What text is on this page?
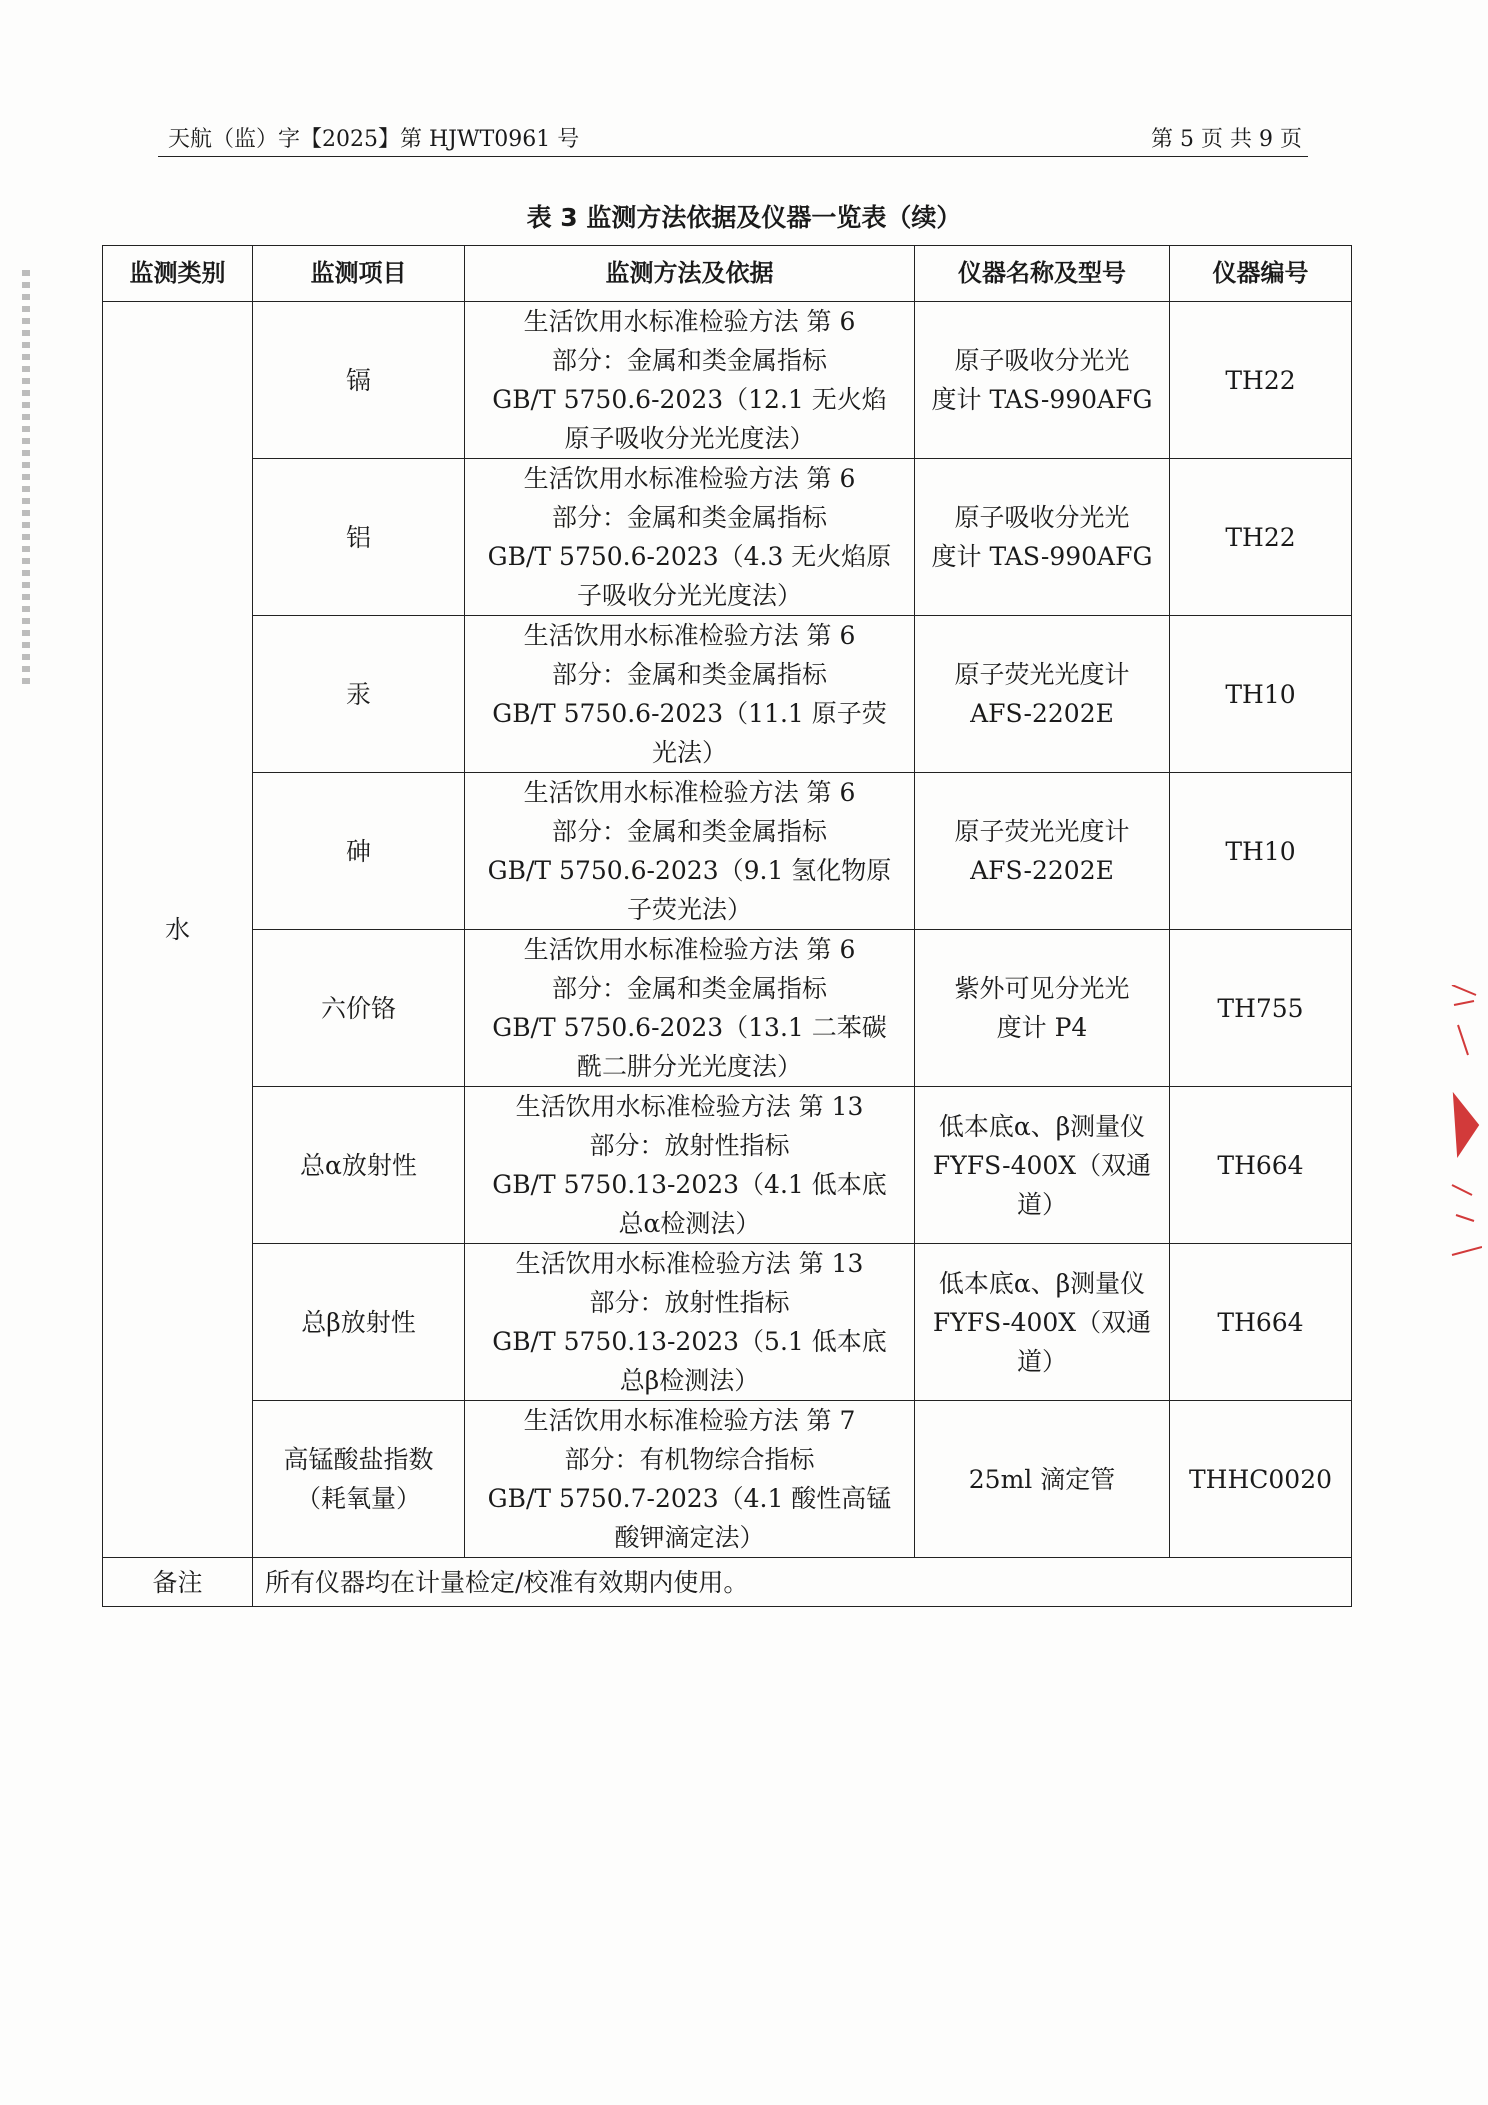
天航（监）字【2025】第 HJWT0961 号	第 5 页 共 9 页
表 3 监测方法依据及仪器一览表（续）
监测类别	监测项目	监测方法及依据	仪器名称及型号	仪器编号
水	镉	生活饮用水标准检验方法 第 6
部分：金属和类金属指标
GB/T 5750.6-2023（12.1 无火焰
原子吸收分光光度法）	原子吸收分光光
度计 TAS-990AFG	TH22
	铝	生活饮用水标准检验方法 第 6
部分：金属和类金属指标
GB/T 5750.6-2023（4.3 无火焰原
子吸收分光光度法）	原子吸收分光光
度计 TAS-990AFG	TH22
	汞	生活饮用水标准检验方法 第 6
部分：金属和类金属指标
GB/T 5750.6-2023（11.1 原子荧
光法）	原子荧光光度计
AFS-2202E	TH10
	砷	生活饮用水标准检验方法 第 6
部分：金属和类金属指标
GB/T 5750.6-2023（9.1 氢化物原
子荧光法）	原子荧光光度计
AFS-2202E	TH10
	六价铬	生活饮用水标准检验方法 第 6
部分：金属和类金属指标
GB/T 5750.6-2023（13.1 二苯碳
酰二肼分光光度法）	紫外可见分光光
度计 P4	TH755
	总α放射性	生活饮用水标准检验方法 第 13
部分：放射性指标
GB/T 5750.13-2023（4.1 低本底
总α检测法）	低本底α、β测量仪
FYFS-400X（双通
道）	TH664
	总β放射性	生活饮用水标准检验方法 第 13
部分：放射性指标
GB/T 5750.13-2023（5.1 低本底
总β检测法）	低本底α、β测量仪
FYFS-400X（双通
道）	TH664
	高锰酸盐指数
（耗氧量）	生活饮用水标准检验方法 第 7
部分：有机物综合指标
GB/T 5750.7-2023（4.1 酸性高锰
酸钾滴定法）	25ml 滴定管	THHC0020
备注	所有仪器均在计量检定/校准有效期内使用。			
